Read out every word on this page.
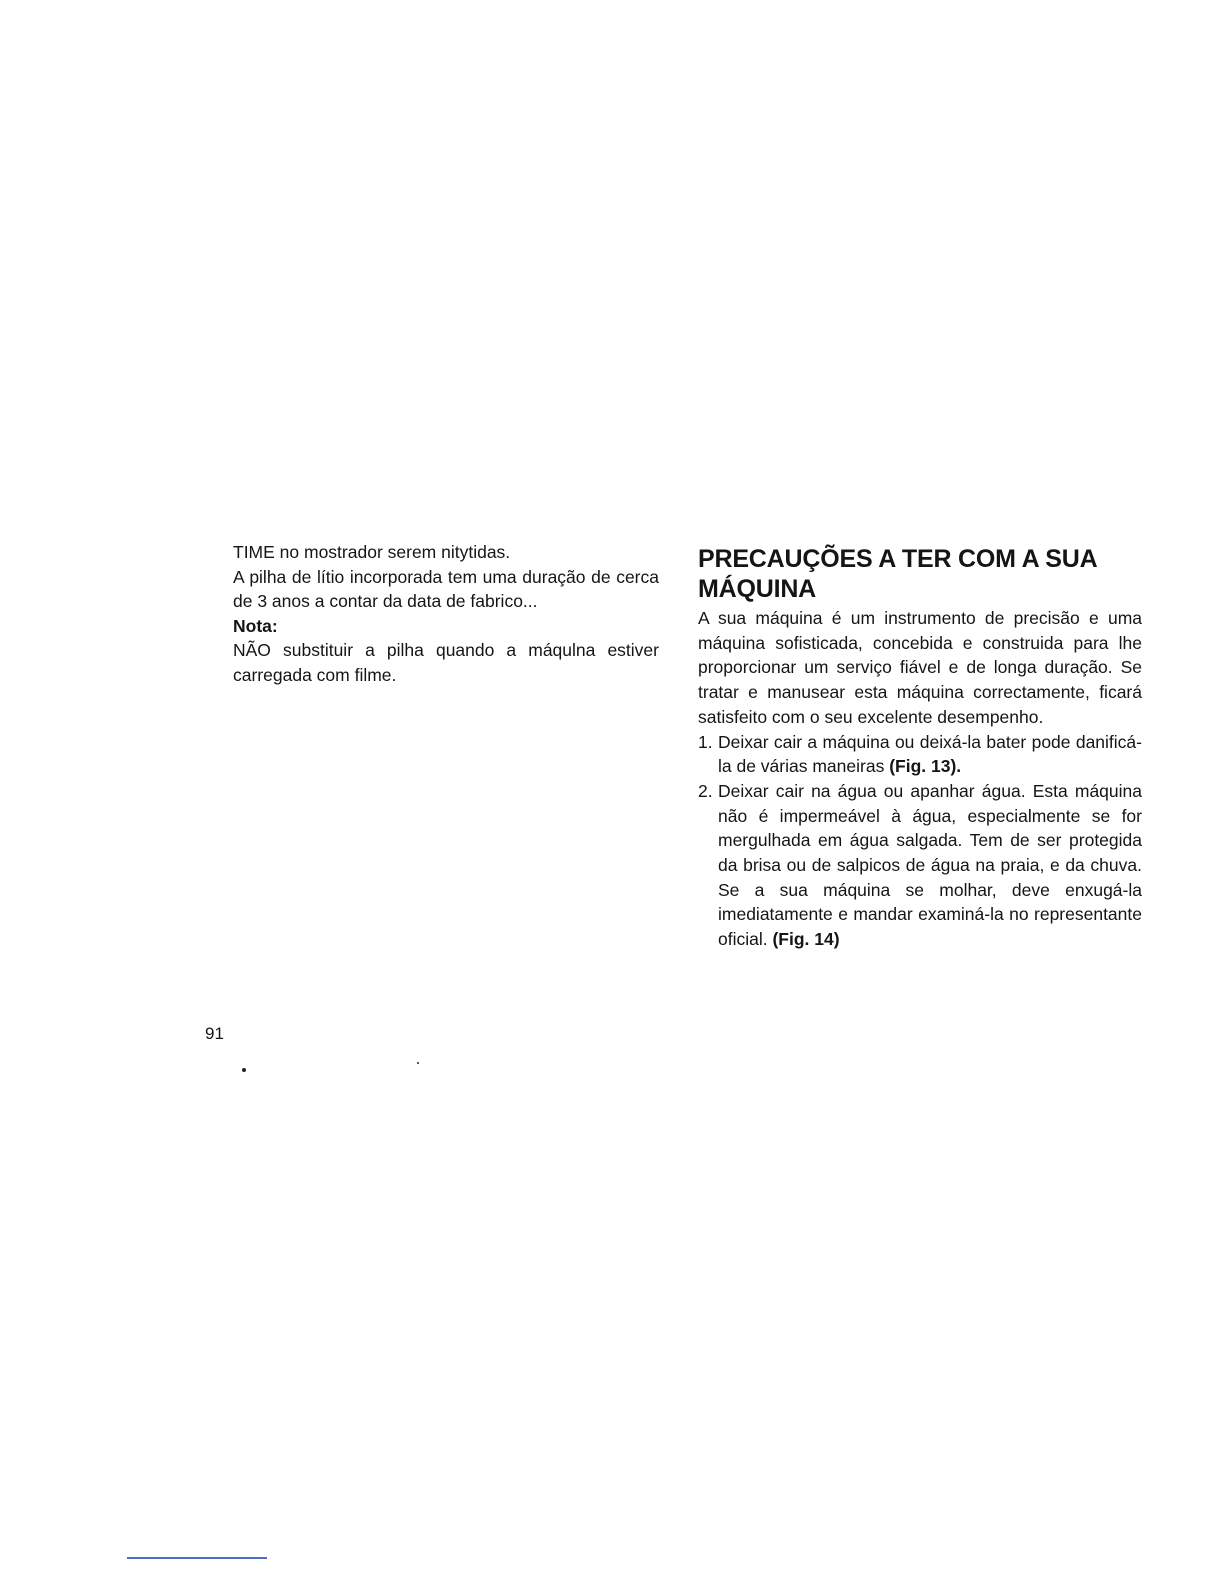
TIME no mostrador serem nitytidas.

A pilha de lítio incorporada tem uma duração de cerca de 3 anos a contar da data de fabrico...

Nota:

NÃO substituir a pilha quando a máqulna estiver carregada com filme.

PRECAUÇÕES A TER COM A SUA MÁQUINA

A sua máquina é um instrumento de precisão e uma máquina sofisticada, concebida e construida para lhe proporcionar um serviço fiável e de longa duração. Se tratar e manusear esta máquina correctamente, ficará satisfeito com o seu excelente desempenho.

1. Deixar cair a máquina ou deixá-la bater pode danificá-la de várias maneiras (Fig. 13).
2. Deixar cair na água ou apanhar água. Esta máquina não é impermeável à água, especialmente se for mergulhada em água salgada. Tem de ser protegida da brisa ou de salpicos de água na praia, e da chuva. Se a sua máquina se molhar, deve enxugá-la imediatamente e mandar examiná-la no representante oficial. (Fig. 14)
91
